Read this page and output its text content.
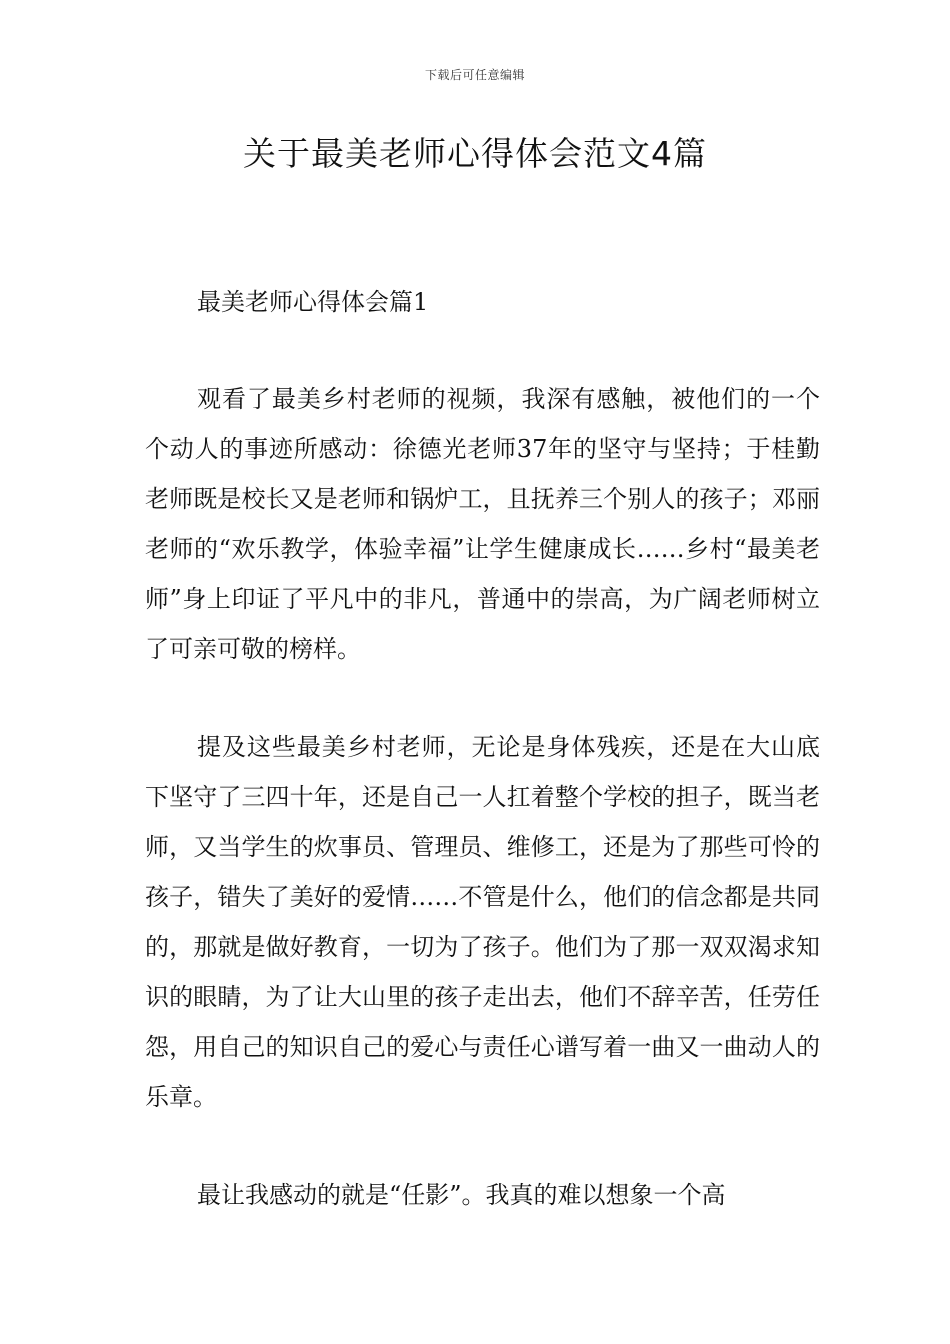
下载后可任意编辑
关于最美老师心得体会范文4篇
最美老师心得体会篇1

观看了最美乡村老师的视频，我深有感触，被他们的一个个动人的事迹所感动：徐德光老师37年的坚守与坚持；于桂勤老师既是校长又是老师和锅炉工，且抚养三个别人的孩子；邓丽老师的“欢乐教学，体验幸福”让学生健康成长……乡村“最美老师”身上印证了平凡中的非凡，普通中的崇高，为广阔老师树立了可亲可敬的榜样。

提及这些最美乡村老师，无论是身体残疾，还是在大山底下坚守了三四十年，还是自己一人扛着整个学校的担子，既当老师，又当学生的炊事员、管理员、维修工，还是为了那些可怜的孩子，错失了美好的爱情……不管是什么，他们的信念都是共同的，那就是做好教育，一切为了孩子。他们为了那一双双渴求知识的眼睛，为了让大山里的孩子走出去，他们不辞辛苦，任劳任怨，用自己的知识自己的爱心与责任心谱写着一曲又一曲动人的乐章。

最让我感动的就是“任影”。我真的难以想象一个高
